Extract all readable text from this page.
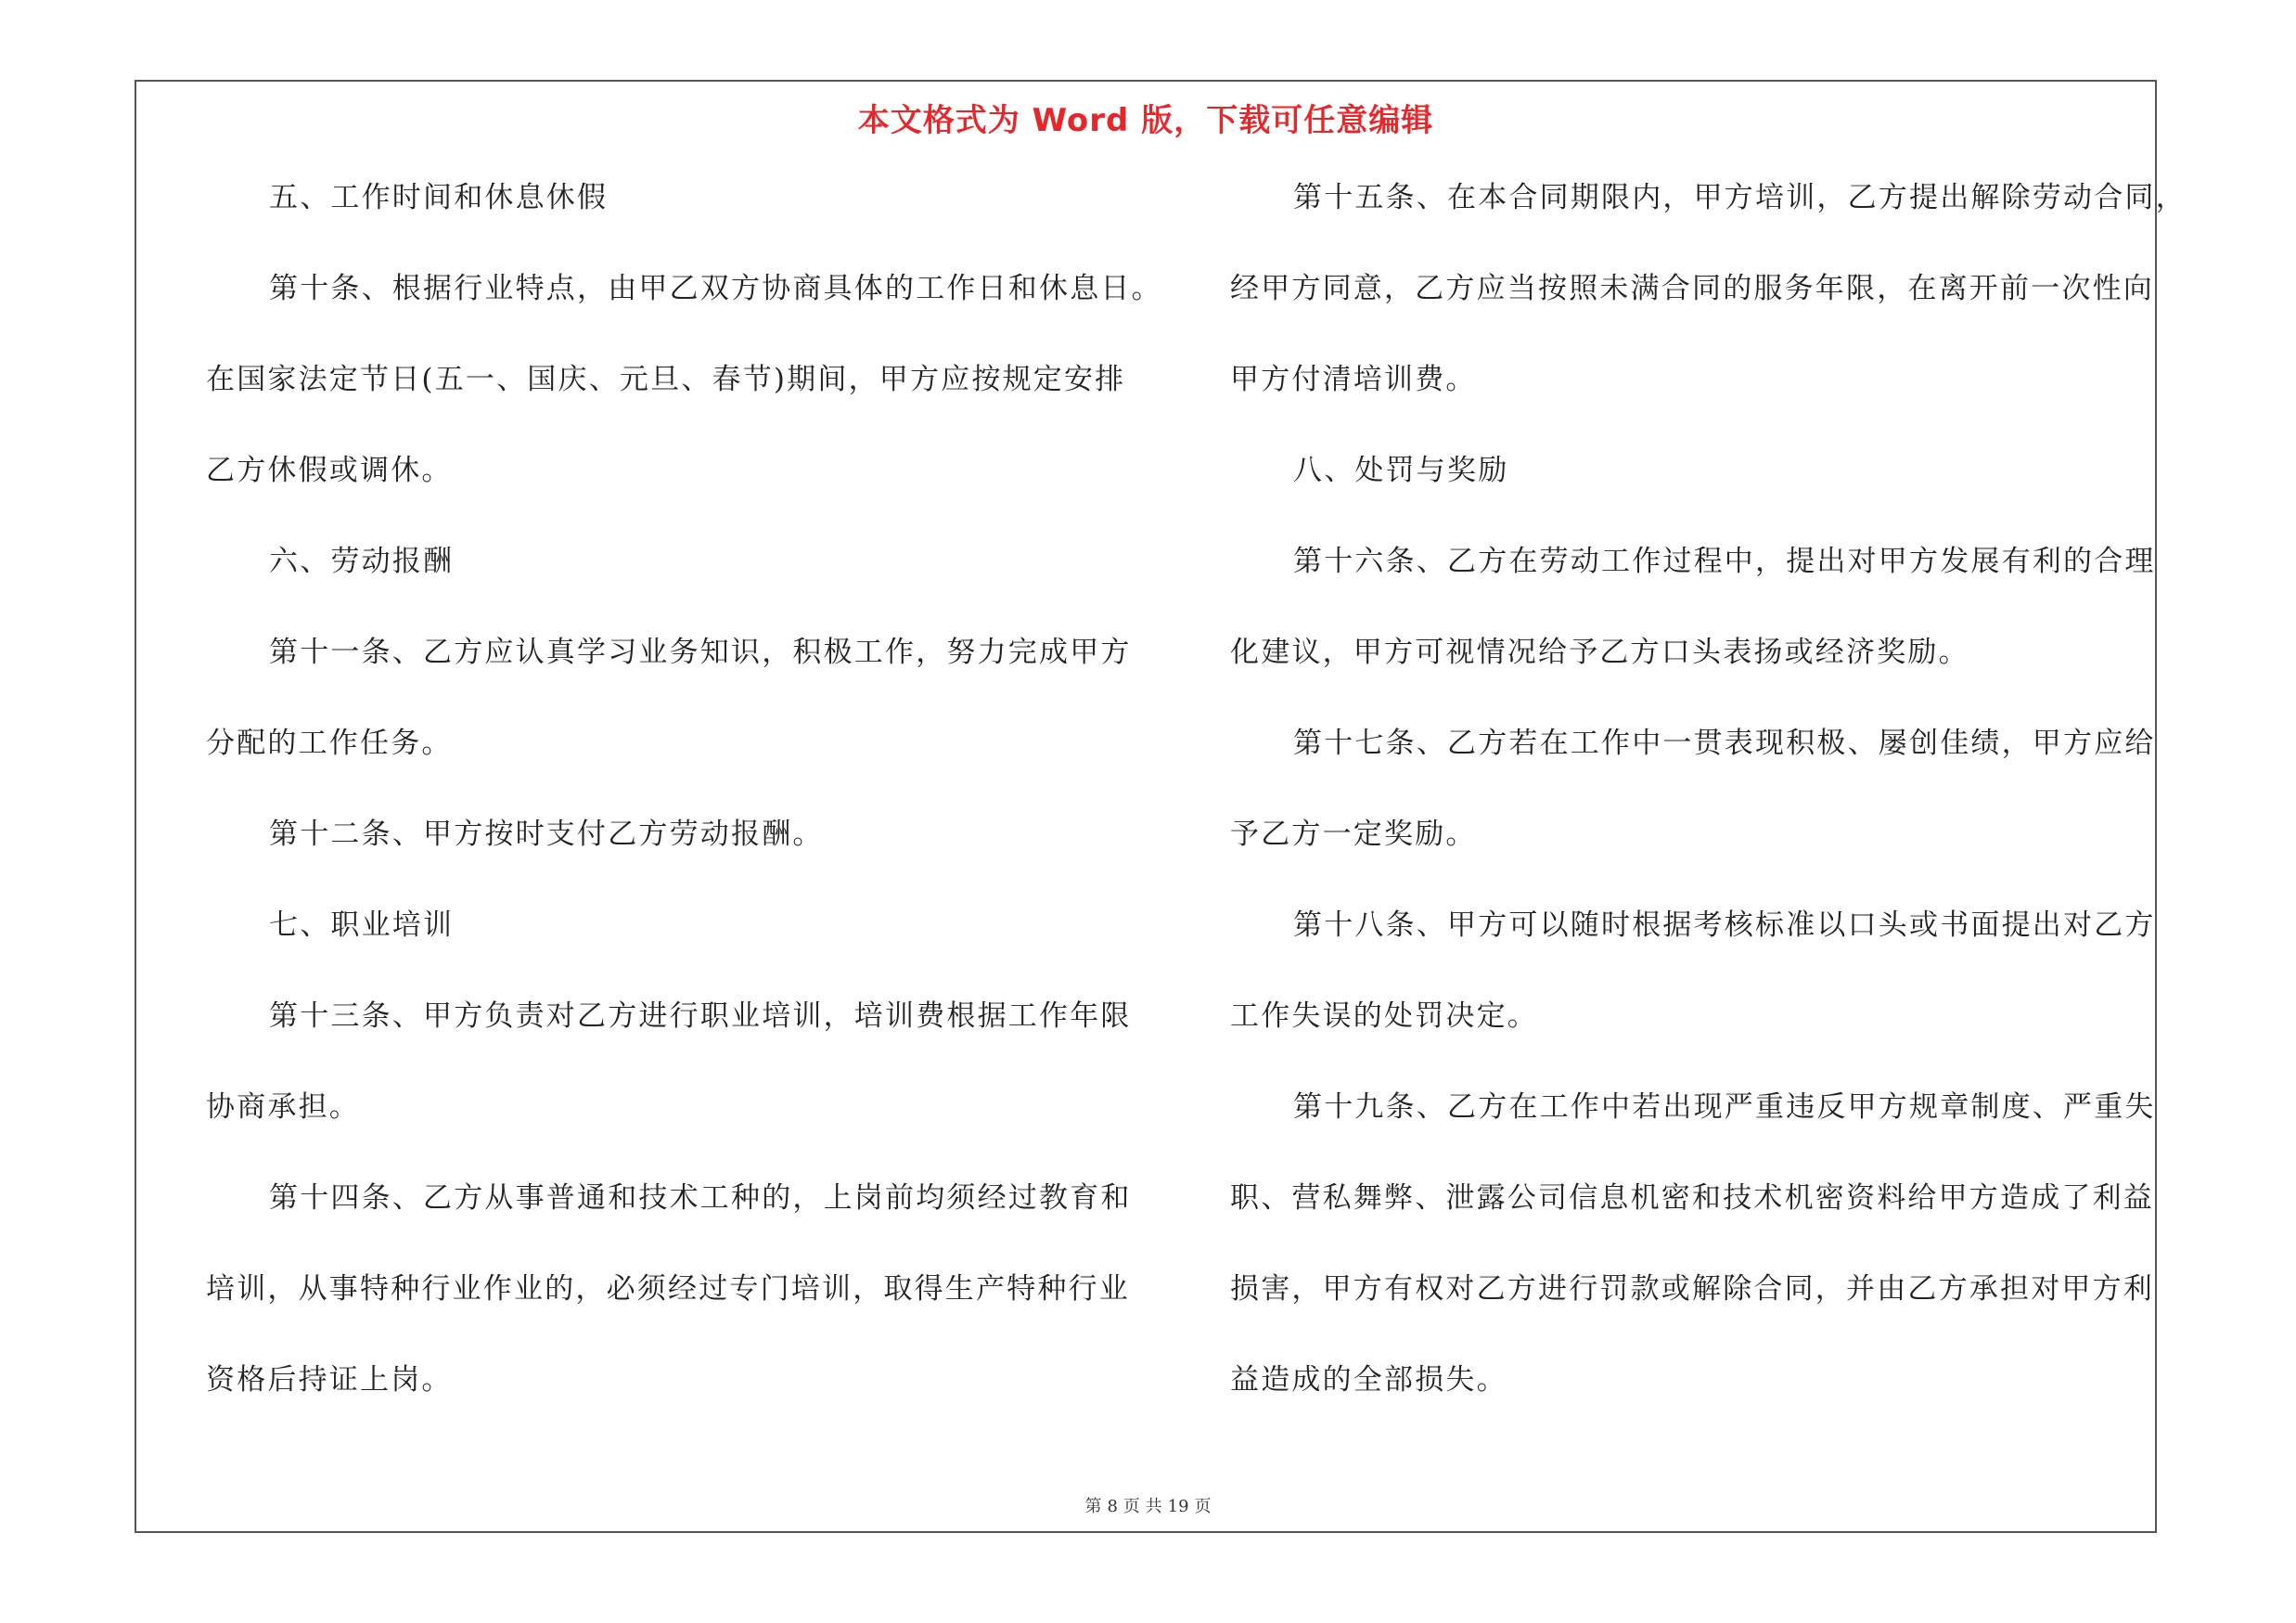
本文格式为 Word 版，下载可任意编辑
五、工作时间和休息休假
第十条、根据行业特点，由甲乙双方协商具体的工作日和休息日。
在国家法定节日(五一、国庆、元旦、春节)期间，甲方应按规定安排
乙方休假或调休。
六、劳动报酬
第十一条、乙方应认真学习业务知识，积极工作，努力完成甲方
分配的工作任务。
第十二条、甲方按时支付乙方劳动报酬。
七、职业培训
第十三条、甲方负责对乙方进行职业培训，培训费根据工作年限
协商承担。
第十四条、乙方从事普通和技术工种的，上岗前均须经过教育和
培训，从事特种行业作业的，必须经过专门培训，取得生产特种行业
资格后持证上岗。
第十五条、在本合同期限内，甲方培训，乙方提出解除劳动合同，
经甲方同意，乙方应当按照未满合同的服务年限，在离开前一次性向
甲方付清培训费。
八、处罚与奖励
第十六条、乙方在劳动工作过程中，提出对甲方发展有利的合理
化建议，甲方可视情况给予乙方口头表扬或经济奖励。
第十七条、乙方若在工作中一贯表现积极、屡创佳绩，甲方应给
予乙方一定奖励。
第十八条、甲方可以随时根据考核标准以口头或书面提出对乙方
工作失误的处罚决定。
第十九条、乙方在工作中若出现严重违反甲方规章制度、严重失
职、营私舞弊、泄露公司信息机密和技术机密资料给甲方造成了利益
损害，甲方有权对乙方进行罚款或解除合同，并由乙方承担对甲方利
益造成的全部损失。
第 8 页 共 19 页
